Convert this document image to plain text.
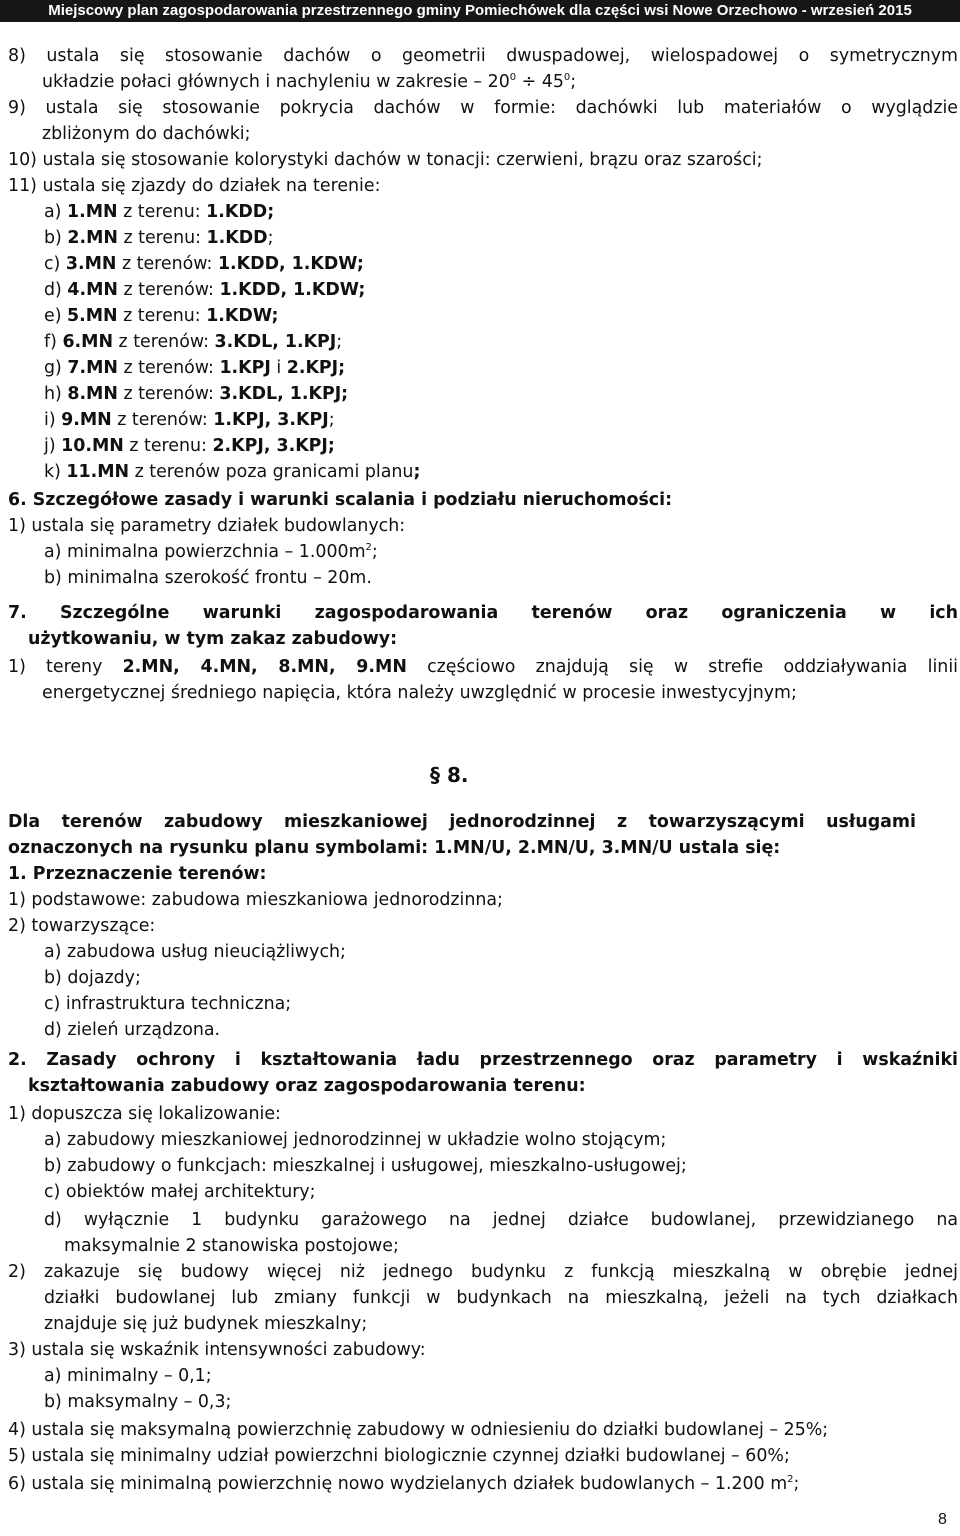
Miejscowy plan zagospodarowania przestrzennego gminy Pomiechówek dla części wsi Nowe Orzechowo - wrzesień 2015
8) ustala się stosowanie dachów o geometrii dwuspadowej, wielospadowej o symetrycznym
układzie połaci głównych i nachyleniu w zakresie – $20^0 \div 45^0$;
9) ustala się stosowanie pokrycia dachów w formie: dachówki lub materiałów o wyglądzie
zbliżonym do dachówki;
10) ustala się stosowanie kolorystyki dachów w tonacji: czerwieni, brązu oraz szarości;
11) ustala się zjazdy do działek na terenie:
a) 1.MN z terenu: 1.KDD;
b) 2.MN z terenu: 1.KDD;
c) 3.MN z terenów: 1.KDD, 1.KDW;
d) 4.MN z terenów: 1.KDD, 1.KDW;
e) 5.MN z terenu: 1.KDW;
f) 6.MN z terenów: 3.KDL, 1.KPJ;
g) 7.MN z terenów: 1.KPJ i 2.KPJ;
h) 8.MN z terenów: 3.KDL, 1.KPJ;
i) 9.MN z terenów: 1.KPJ, 3.KPJ;
j) 10.MN z terenu: 2.KPJ, 3.KPJ;
k) 11.MN z terenów poza granicami planu;
6. Szczegółowe zasady i warunki scalania i podziału nieruchomości:
1) ustala się parametry działek budowlanych:
a) minimalna powierzchnia – $1.000m^2$;
b) minimalna szerokość frontu – 20m.
7. Szczególne warunki zagospodarowania terenów oraz ograniczenia w ich
użytkowaniu, w tym zakaz zabudowy:
1) tereny 2.MN, 4.MN, 8.MN, 9.MN częściowo znajdują się w strefie oddziaływania linii
energetycznej średniego napięcia, która należy uwzględnić w procesie inwestycyjnym;
Dla terenów zabudowy mieszkaniowej jednorodzinnej z towarzyszącymi usługami
oznaczonych na rysunku planu symbolami: 1.MN/U, 2.MN/U, 3.MN/U ustala się:
1. Przeznaczenie terenów:
1) podstawowe: zabudowa mieszkaniowa jednorodzinna;
2) towarzyszące:
a) zabudowa usług nieuciążliwych;
b) dojazdy;
c) infrastruktura techniczna;
d) zieleń urządzona.
2. Zasady ochrony i kształtowania ładu przestrzennego oraz parametry i wskaźniki
kształtowania zabudowy oraz zagospodarowania terenu:
1) dopuszcza się lokalizowanie:
a) zabudowy mieszkaniowej jednorodzinnej w układzie wolno stojącym;
b) zabudowy o funkcjach: mieszkalnej i usługowej, mieszkalno-usługowej;
c) obiektów małej architektury;
d) wyłącznie 1 budynku garażowego na jednej działce budowlanej, przewidzianego na
maksymalnie 2 stanowiska postojowe;
2) zakazuje się budowy więcej niż jednego budynku z funkcją mieszkalną w obrębie jednej
działki budowlanej lub zmiany funkcji w budynkach na mieszkalną, jeżeli na tych działkach
znajduje się już budynek mieszkalny;
3) ustala się wskaźnik intensywności zabudowy:
a) minimalny – 0,1;
b) maksymalny – 0,3;
4) ustala się maksymalną powierzchnię zabudowy w odniesieniu do działki budowlanej – 25%;
5) ustala się minimalny udział powierzchni biologicznie czynnej działki budowlanej – 60%;
6) ustala się minimalną powierzchnię nowo wydzielanych działek budowlanych – 1.200 $m^2$;
§ 8.
8
